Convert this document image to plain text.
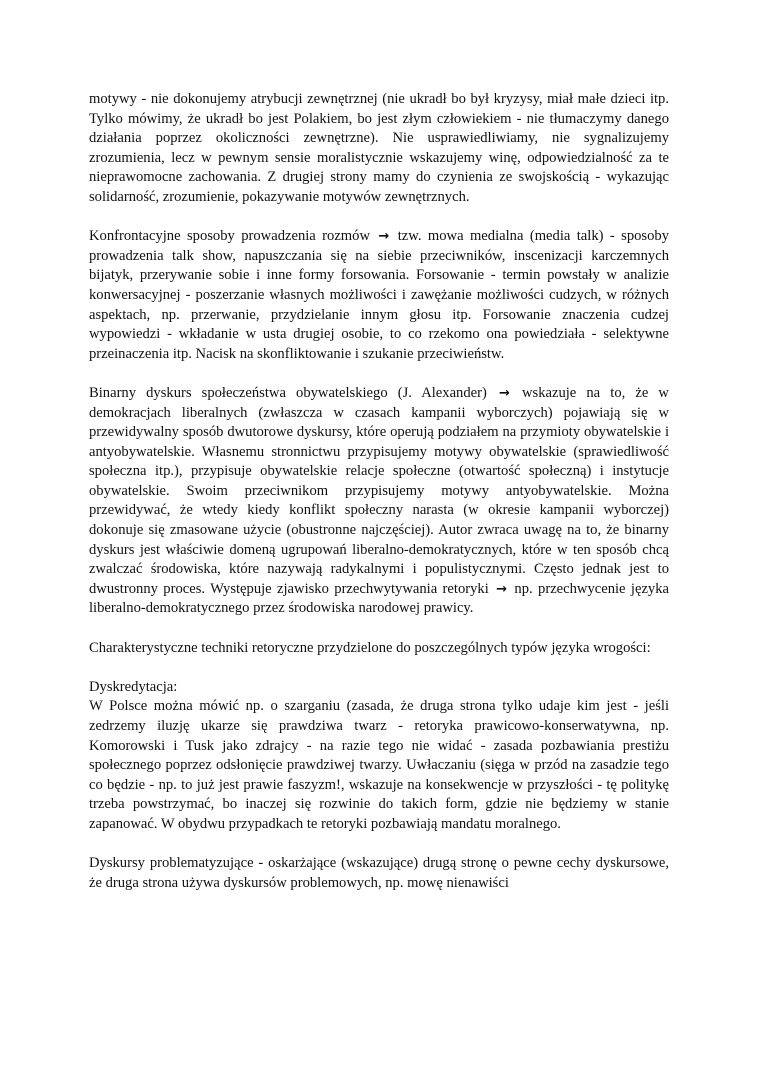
motywy - nie dokonujemy atrybucji zewnętrznej (nie ukradł bo był kryzysy, miał małe dzieci itp. Tylko mówimy, że ukradł bo jest Polakiem, bo jest złym człowiekiem - nie tłumaczymy danego działania poprzez okoliczności zewnętrzne). Nie usprawiedliwiamy, nie sygnalizujemy zrozumienia, lecz w pewnym sensie moralistycznie wskazujemy winę, odpowiedzialność za te nieprawomocne zachowania. Z drugiej strony mamy do czynienia ze swojskością - wykazując solidarność, zrozumienie, pokazywanie motywów zewnętrznych.

Konfrontacyjne sposoby prowadzenia rozmów → tzw. mowa medialna (media talk) - sposoby prowadzenia talk show, napuszczania się na siebie przeciwników, inscenizacji karczemnych bijatyk, przerywanie sobie i inne formy forsowania. Forsowanie - termin powstały w analizie konwersacyjnej - poszerzanie własnych możliwości i zawężanie możliwości cudzych, w różnych aspektach, np. przerwanie, przydzielanie innym głosu itp. Forsowanie znaczenia cudzej wypowiedzi - wkładanie w usta drugiej osobie, to co rzekomo ona powiedziała - selektywne przeinaczenia itp. Nacisk na skonfliktowanie i szukanie przeciwieństw.

Binarny dyskurs społeczeństwa obywatelskiego (J. Alexander) → wskazuje na to, że w demokracjach liberalnych (zwłaszcza w czasach kampanii wyborczych) pojawiają się w przewidywalny sposób dwutorowe dyskursy, które operują podziałem na przymioty obywatelskie i antyobywatelskie. Własnemu stronnictwu przypisujemy motywy obywatelskie (sprawiedliwość społeczna itp.), przypisuje obywatelskie relacje społeczne (otwartość społeczną) i instytucje obywatelskie. Swoim przeciwnikom przypisujemy motywy antyobywatelskie. Można przewidywać, że wtedy kiedy konflikt społeczny narasta (w okresie kampanii wyborczej) dokonuje się zmasowane użycie (obustronne najczęściej). Autor zwraca uwagę na to, że binarny dyskurs jest właściwie domeną ugrupowań liberalno-demokratycznych, które w ten sposób chcą zwalczać środowiska, które nazywają radykalnymi i populistycznymi. Często jednak jest to dwustronny proces. Występuje zjawisko przechwytywania retoryki → np. przechwycenie języka liberalno-demokratycznego przez środowiska narodowej prawicy.

Charakterystyczne techniki retoryczne przydzielone do poszczególnych typów języka wrogości:

Dyskredytacja:

W Polsce można mówić np. o szarganiu (zasada, że druga strona tylko udaje kim jest - jeśli zedrzemy iluzję ukarze się prawdziwa twarz - retoryka prawicowo-konserwatywna, np. Komorowski i Tusk jako zdrajcy - na razie tego nie widać - zasada pozbawiania prestiżu społecznego poprzez odsłonięcie prawdziwej twarzy. Uwłaczaniu (sięga w przód na zasadzie tego co będzie - np. to już jest prawie faszyzm!, wskazuje na konsekwencje w przyszłości - tę politykę trzeba powstrzymać, bo inaczej się rozwinie do takich form, gdzie nie będziemy w stanie zapanować. W obydwu przypadkach te retoryki pozbawiają mandatu moralnego.

Dyskursy problematyzujące - oskarżające (wskazujące) drugą stronę o pewne cechy dyskursowe, że druga strona używa dyskursów problemowych, np. mowę nienawiści
